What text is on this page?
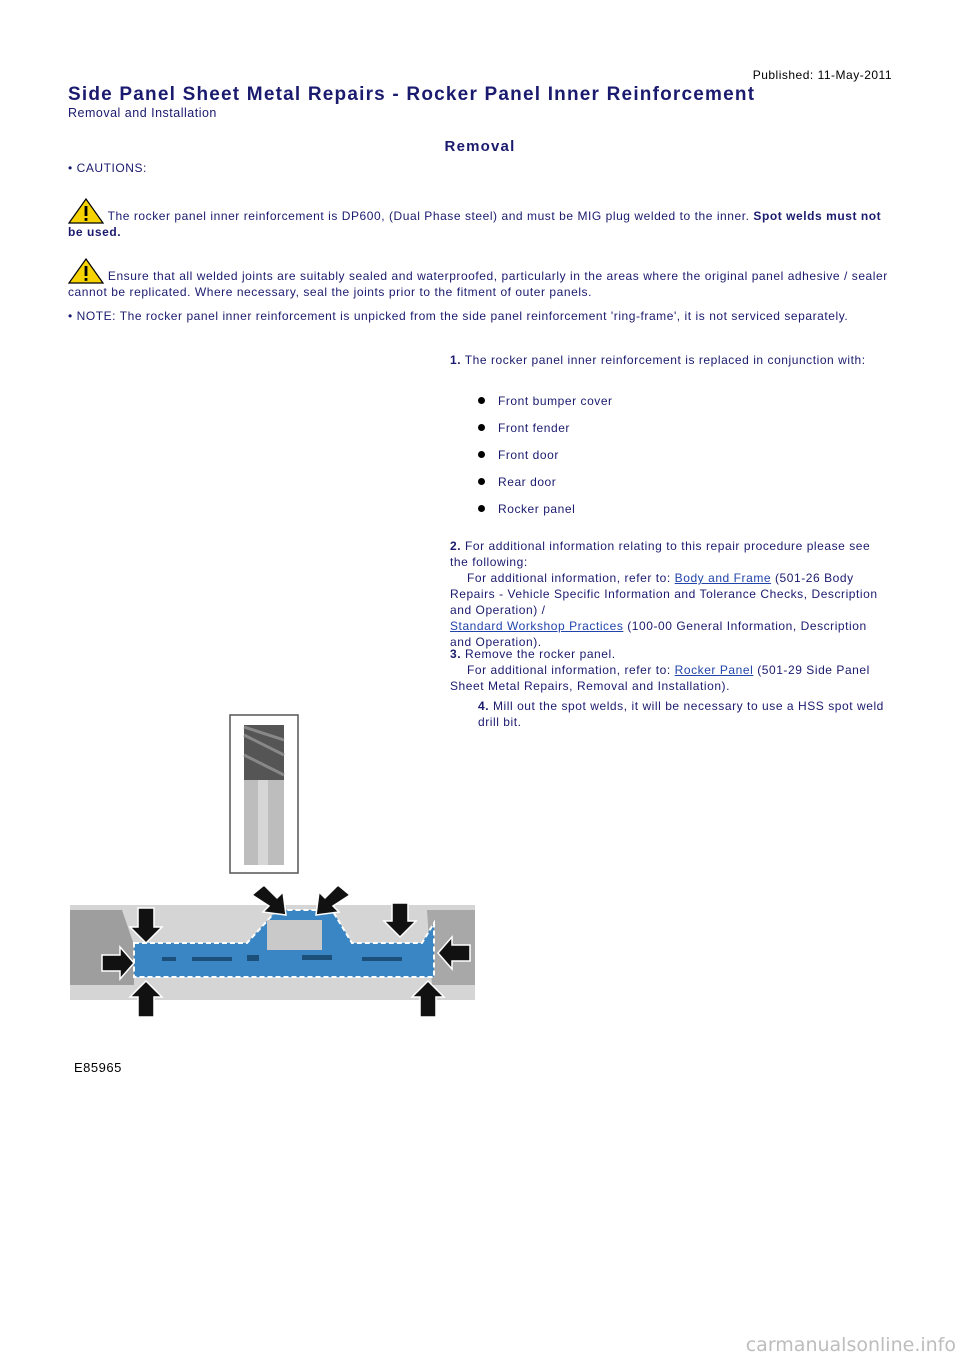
Published: 11-May-2011
Side Panel Sheet Metal Repairs - Rocker Panel Inner Reinforcement
Removal and Installation
Removal
• CAUTIONS:
The rocker panel inner reinforcement is DP600, (Dual Phase steel) and must be MIG plug welded to the inner. Spot welds must not be used.
Ensure that all welded joints are suitably sealed and waterproofed, particularly in the areas where the original panel adhesive / sealer cannot be replicated. Where necessary, seal the joints prior to the fitment of outer panels.
• NOTE: The rocker panel inner reinforcement is unpicked from the side panel reinforcement 'ring-frame', it is not serviced separately.
1. The rocker panel inner reinforcement is replaced in conjunction with:
Front bumper cover
Front fender
Front door
Rear door
Rocker panel
2. For additional information relating to this repair procedure please see the following:
For additional information, refer to: Body and Frame (501-26 Body Repairs - Vehicle Specific Information and Tolerance Checks, Description and Operation) /
Standard Workshop Practices (100-00 General Information, Description and Operation).
3. Remove the rocker panel.
For additional information, refer to: Rocker Panel (501-29 Side Panel Sheet Metal Repairs, Removal and Installation).
4. Mill out the spot welds, it will be necessary to use a HSS spot weld drill bit.
E85965
carmanualsonline.info
